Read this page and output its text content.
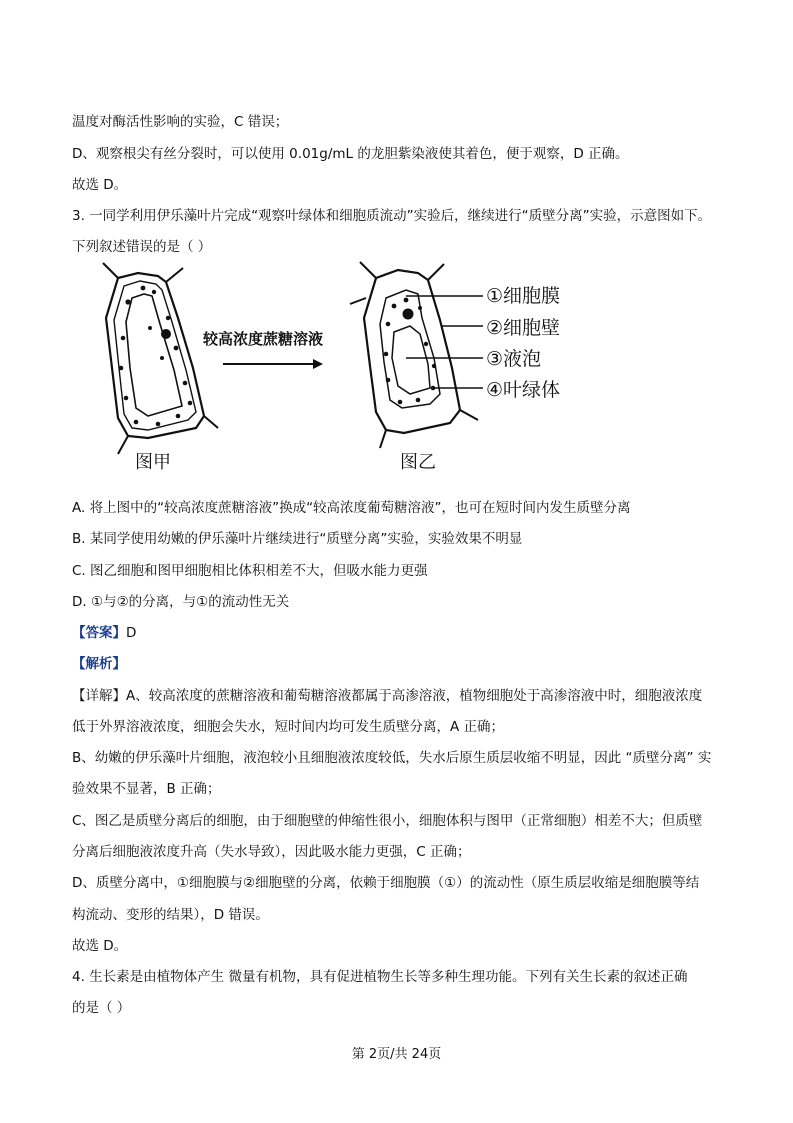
温度对酶活性影响的实验，C 错误；
D、观察根尖有丝分裂时，可以使用 0.01g/mL 的龙胆紫染液使其着色，便于观察，D 正确。
故选 D。
3. 一同学利用伊乐藻叶片完成“观察叶绿体和细胞质流动”实验后，继续进行“质壁分离”实验，示意图如下。
下列叙述错误的是（ ）
图甲
较高浓度蔗糖溶液
图乙
①细胞膜
②细胞壁
③液泡
④叶绿体
A. 将上图中的“较高浓度蔗糖溶液”换成“较高浓度葡萄糖溶液”，也可在短时间内发生质壁分离
B. 某同学使用幼嫩的伊乐藻叶片继续进行“质壁分离”实验，实验效果不明显
C. 图乙细胞和图甲细胞相比体积相差不大，但吸水能力更强
D. ①与②的分离，与①的流动性无关
【答案】D
【解析】
【详解】A、较高浓度的蔗糖溶液和葡萄糖溶液都属于高渗溶液，植物细胞处于高渗溶液中时，细胞液浓度
低于外界溶液浓度，细胞会失水，短时间内均可发生质壁分离，A 正确；
B、幼嫩的伊乐藻叶片细胞，液泡较小且细胞液浓度较低，失水后原生质层收缩不明显，因此 “质壁分离” 实
验效果不显著，B 正确；
C、图乙是质壁分离后的细胞，由于细胞壁的伸缩性很小，细胞体积与图甲（正常细胞）相差不大；但质壁
分离后细胞液浓度升高（失水导致），因此吸水能力更强，C 正确；
D、质壁分离中，①细胞膜与②细胞壁的分离，依赖于细胞膜（①）的流动性（原生质层收缩是细胞膜等结
构流动、变形的结果），D 错误。
故选 D。
4. 生长素是由植物体产生 微量有机物，具有促进植物生长等多种生理功能。下列有关生长素的叙述正确
的是（ ）
第 2页/共 24页
